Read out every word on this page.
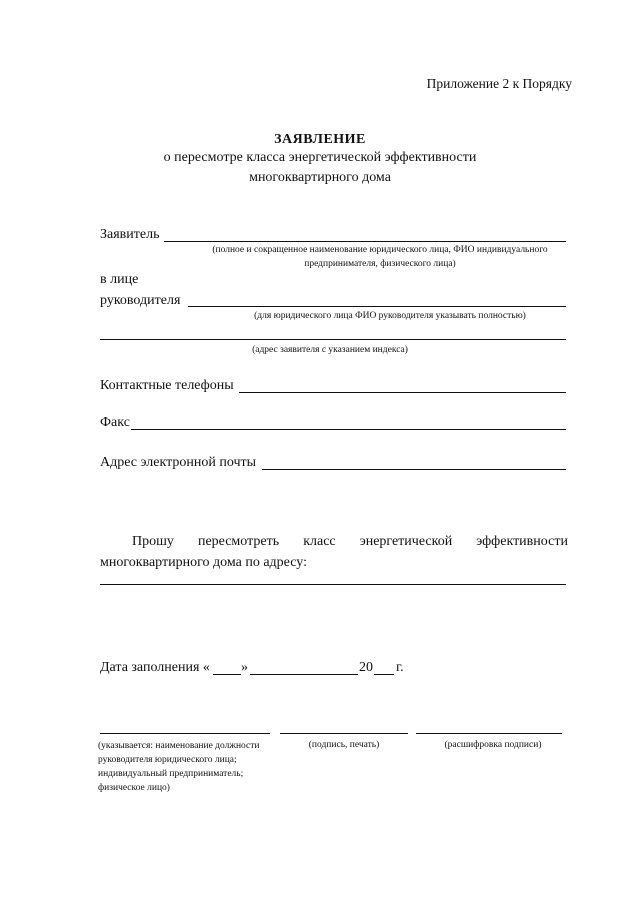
Приложение 2 к Порядку
ЗАЯВЛЕНИЕ
о пересмотре класса энергетической эффективности
многоквартирного дома
Заявитель
(полное и сокращенное наименование юридического лица, ФИО индивидуального
предпринимателя, физического лица)
в лице
руководителя
(для юридического лица ФИО руководителя указывать полностью)
(адрес заявителя с указанием индекса)
Контактные телефоны
Факс
Адрес электронной почты
Прошу пересмотреть класс энергетической эффективности
многоквартирного дома по адресу:
Дата заполнения « »	20 г.
(указывается: наименование должности
руководителя юридического лица;
индивидуальный предприниматель;
физическое лицо)
(подпись, печать)	(расшифровка подписи)
